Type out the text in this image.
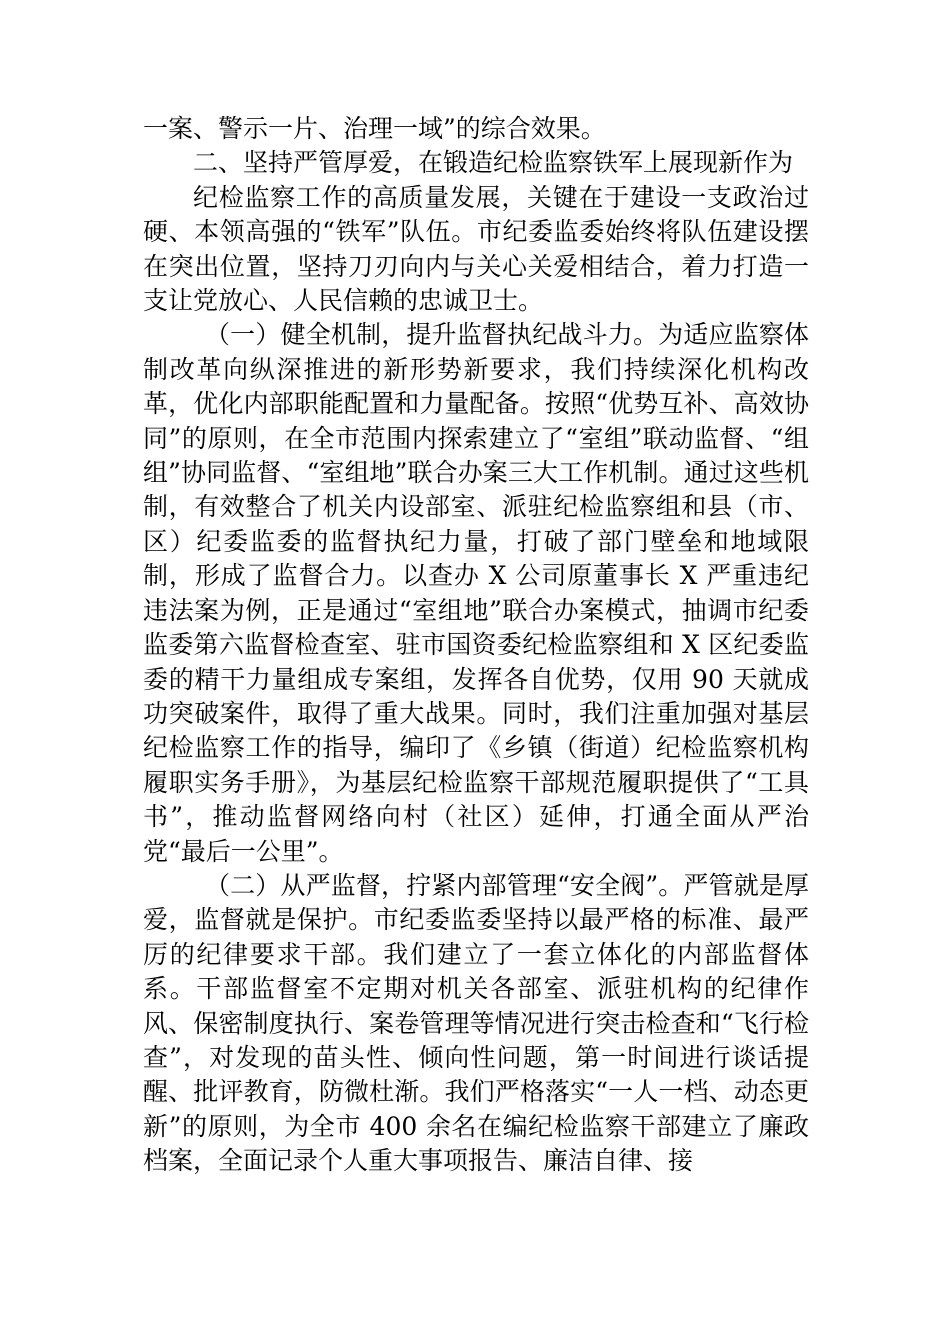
一案、警示一片、治理一域”的综合效果。

二、坚持严管厚爱，在锻造纪检监察铁军上展现新作为

纪检监察工作的高质量发展，关键在于建设一支政治过硬、本领高强的“铁军”队伍。市纪委监委始终将队伍建设摆在突出位置，坚持刀刃向内与关心关爱相结合，着力打造一支让党放心、人民信赖的忠诚卫士。

（一）健全机制，提升监督执纪战斗力。为适应监察体制改革向纵深推进的新形势新要求，我们持续深化机构改革，优化内部职能配置和力量配备。按照“优势互补、高效协同”的原则，在全市范围内探索建立了“室组”联动监督、“组组”协同监督、“室组地”联合办案三大工作机制。通过这些机制，有效整合了机关内设部室、派驻纪检监察组和县（市、区）纪委监委的监督执纪力量，打破了部门壁垒和地域限制，形成了监督合力。以查办 X 公司原董事长 X 严重违纪违法案为例，正是通过“室组地”联合办案模式，抽调市纪委监委第六监督检查室、驻市国资委纪检监察组和 X 区纪委监委的精干力量组成专案组，发挥各自优势，仅用 90 天就成功突破案件，取得了重大战果。同时，我们注重加强对基层纪检监察工作的指导，编印了《乡镇（街道）纪检监察机构履职实务手册》，为基层纪检监察干部规范履职提供了“工具书”，推动监督网络向村（社区）延伸，打通全面从严治党“最后一公里”。

（二）从严监督，拧紧内部管理“安全阀”。严管就是厚爱，监督就是保护。市纪委监委坚持以最严格的标准、最严厉的纪律要求干部。我们建立了一套立体化的内部监督体系。干部监督室不定期对机关各部室、派驻机构的纪律作风、保密制度执行、案卷管理等情况进行突击检查和“飞行检查”，对发现的苗头性、倾向性问题，第一时间进行谈话提醒、批评教育，防微杜渐。我们严格落实“一人一档、动态更新”的原则，为全市 400 余名在编纪检监察干部建立了廉政档案，全面记录个人重大事项报告、廉洁自律、接
